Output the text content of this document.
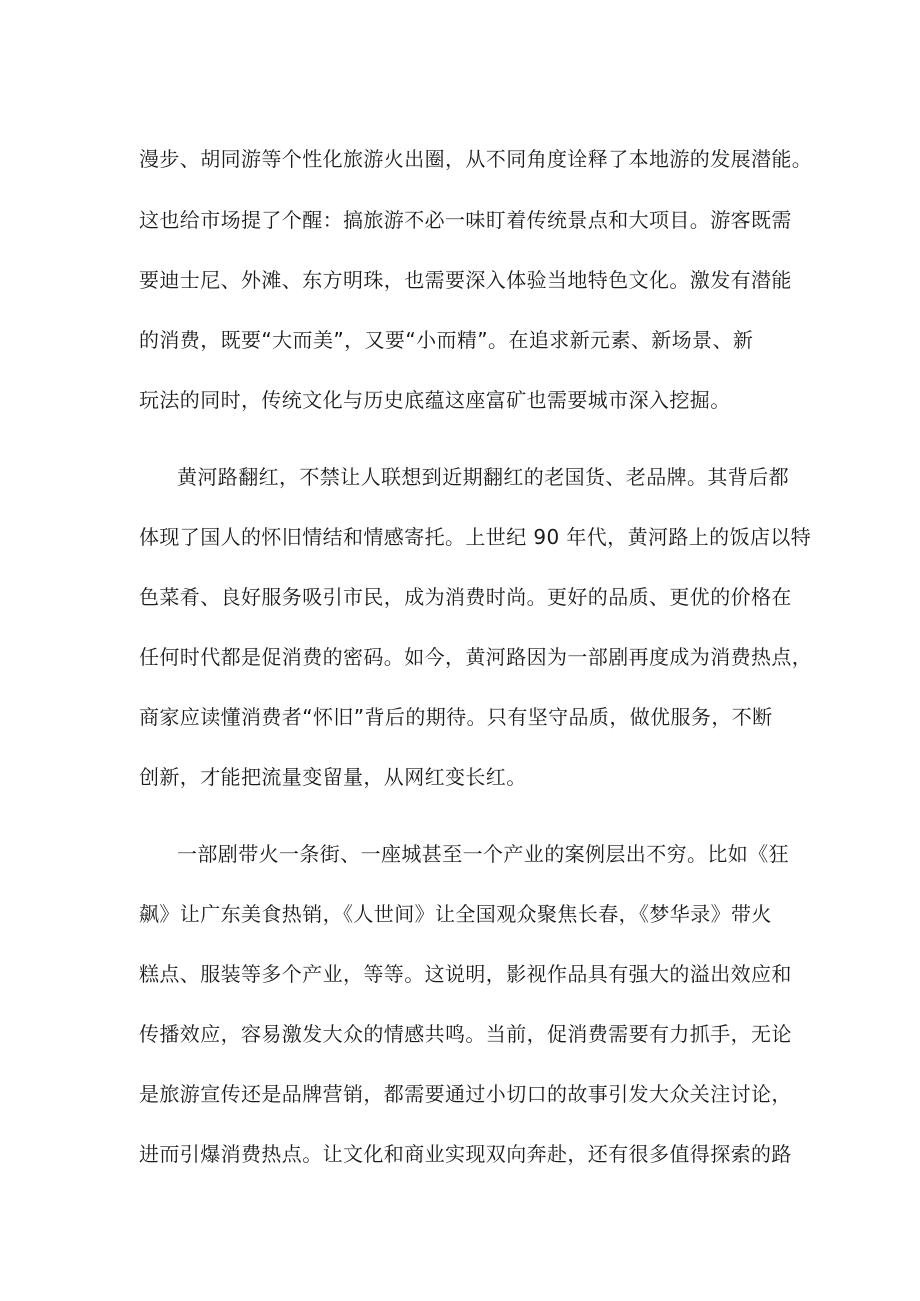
漫步、胡同游等个性化旅游火出圈，从不同角度诠释了本地游的发展潜能。
这也给市场提了个醒：搞旅游不必一味盯着传统景点和大项目。游客既需
要迪士尼、外滩、东方明珠，也需要深入体验当地特色文化。激发有潜能
的消费，既要“大而美”，又要“小而精”。在追求新元素、新场景、新
玩法的同时，传统文化与历史底蕴这座富矿也需要城市深入挖掘。
黄河路翻红，不禁让人联想到近期翻红的老国货、老品牌。其背后都
体现了国人的怀旧情结和情感寄托。上世纪 90 年代，黄河路上的饭店以特
色菜肴、良好服务吸引市民，成为消费时尚。更好的品质、更优的价格在
任何时代都是促消费的密码。如今，黄河路因为一部剧再度成为消费热点，
商家应读懂消费者“怀旧”背后的期待。只有坚守品质，做优服务，不断
创新，才能把流量变留量，从网红变长红。
一部剧带火一条街、一座城甚至一个产业的案例层出不穷。比如《狂
飙》让广东美食热销，《人世间》让全国观众聚焦长春，《梦华录》带火
糕点、服装等多个产业，等等。这说明，影视作品具有强大的溢出效应和
传播效应，容易激发大众的情感共鸣。当前，促消费需要有力抓手，无论
是旅游宣传还是品牌营销，都需要通过小切口的故事引发大众关注讨论，
进而引爆消费热点。让文化和商业实现双向奔赴，还有很多值得探索的路
